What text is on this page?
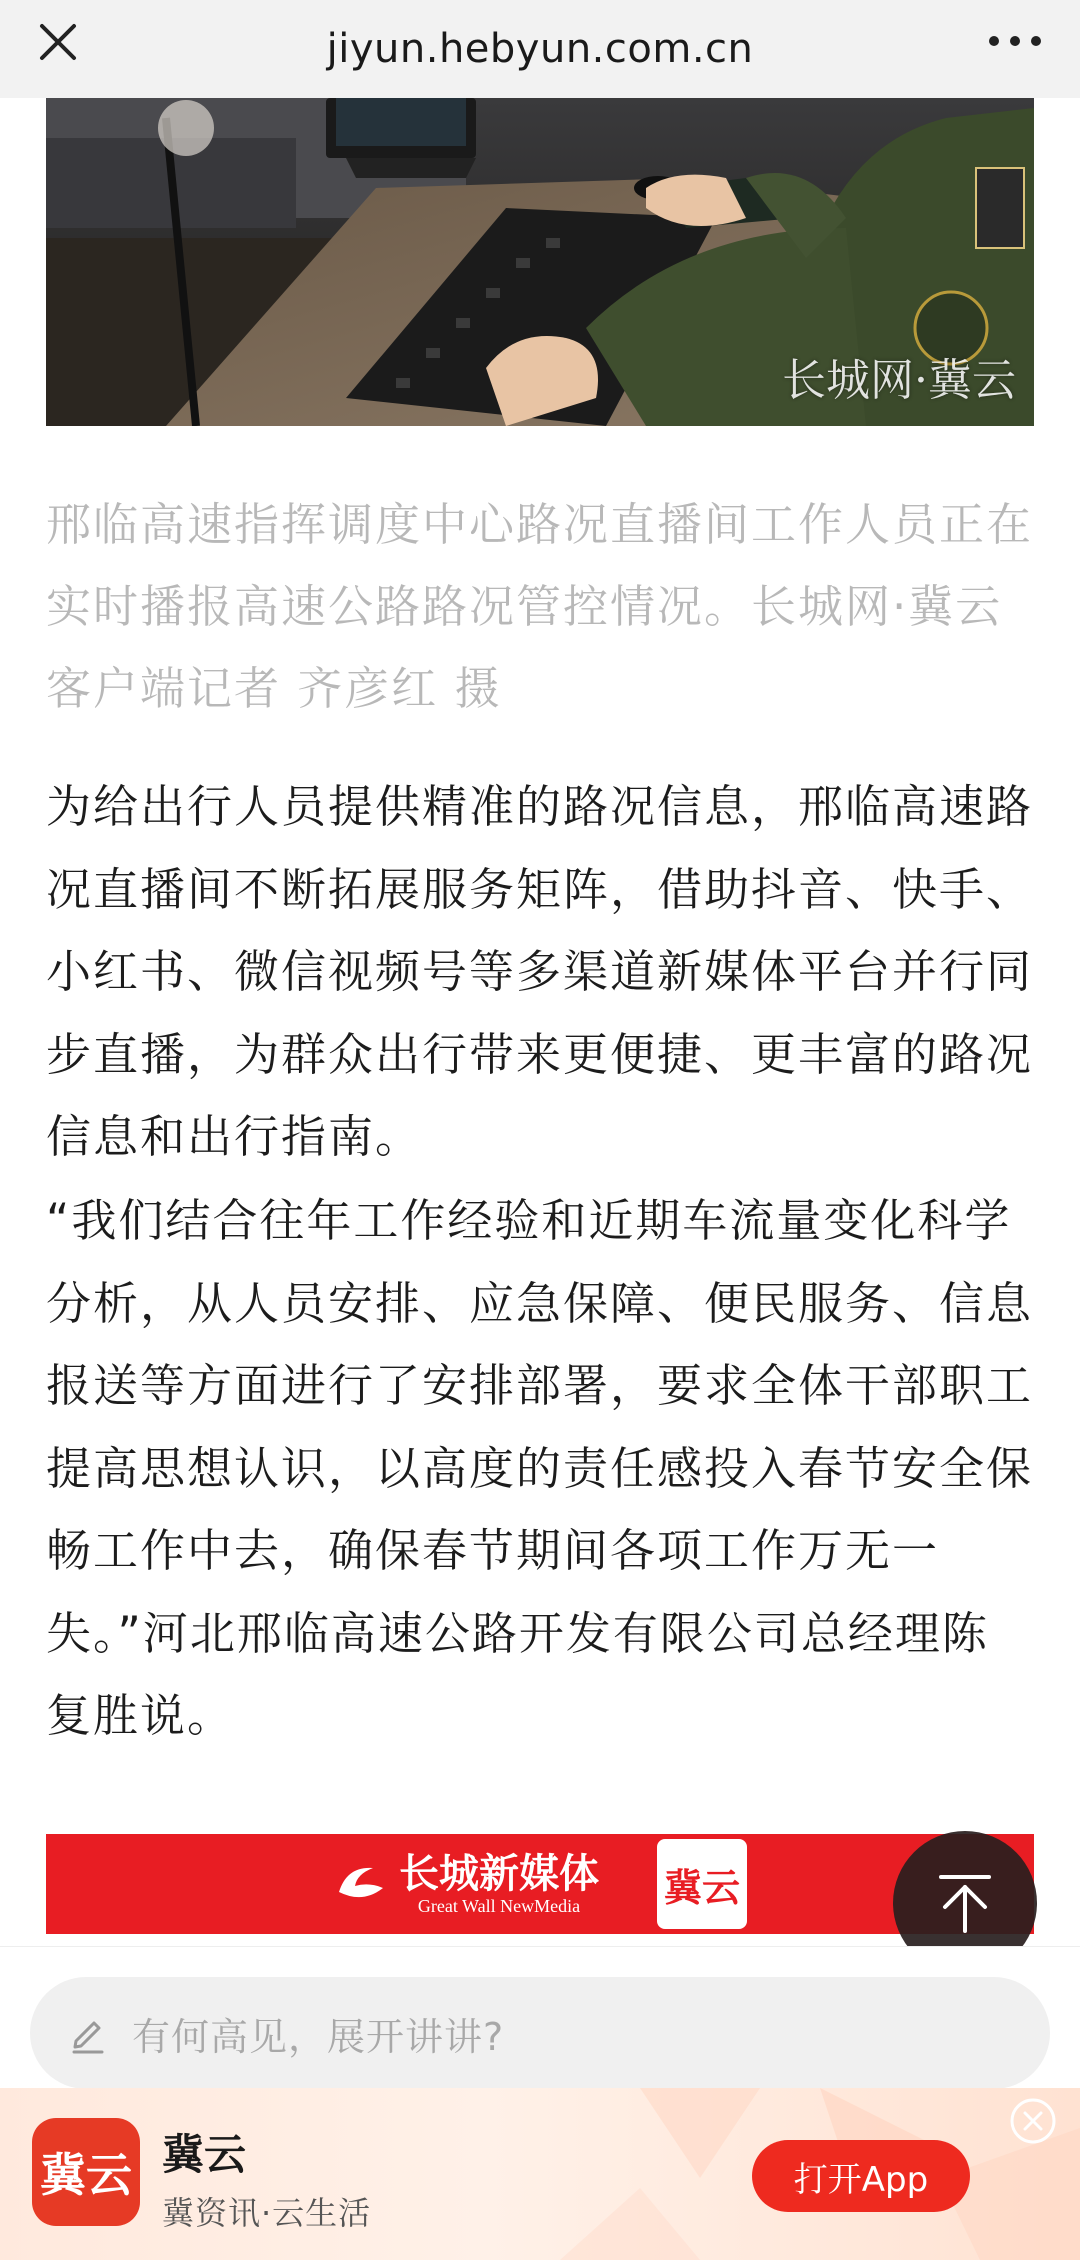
jiyun.hebyun.com.cn
长城网·冀云

邢临高速指挥调度中心路况直播间工作人员正在实时播报高速公路路况管控情况。长城网·冀云客户端记者 齐彦红 摄

为给出行人员提供精准的路况信息，邢临高速路况直播间不断拓展服务矩阵，借助抖音、快手、小红书、微信视频号等多渠道新媒体平台并行同步直播，为群众出行带来更便捷、更丰富的路况信息和出行指南。

“我们结合往年工作经验和近期车流量变化科学分析，从人员安排、应急保障、便民服务、信息报送等方面进行了安排部署，要求全体干部职工提高思想认识，以高度的责任感投入春节安全保畅工作中去，确保春节期间各项工作万无一失。”河北邢临高速公路开发有限公司总经理陈复胜说。

长城新媒体
Great Wall NewMedia 冀云
有何高见，展开讲讲?
冀云 冀云
冀资讯·云生活
打开App
